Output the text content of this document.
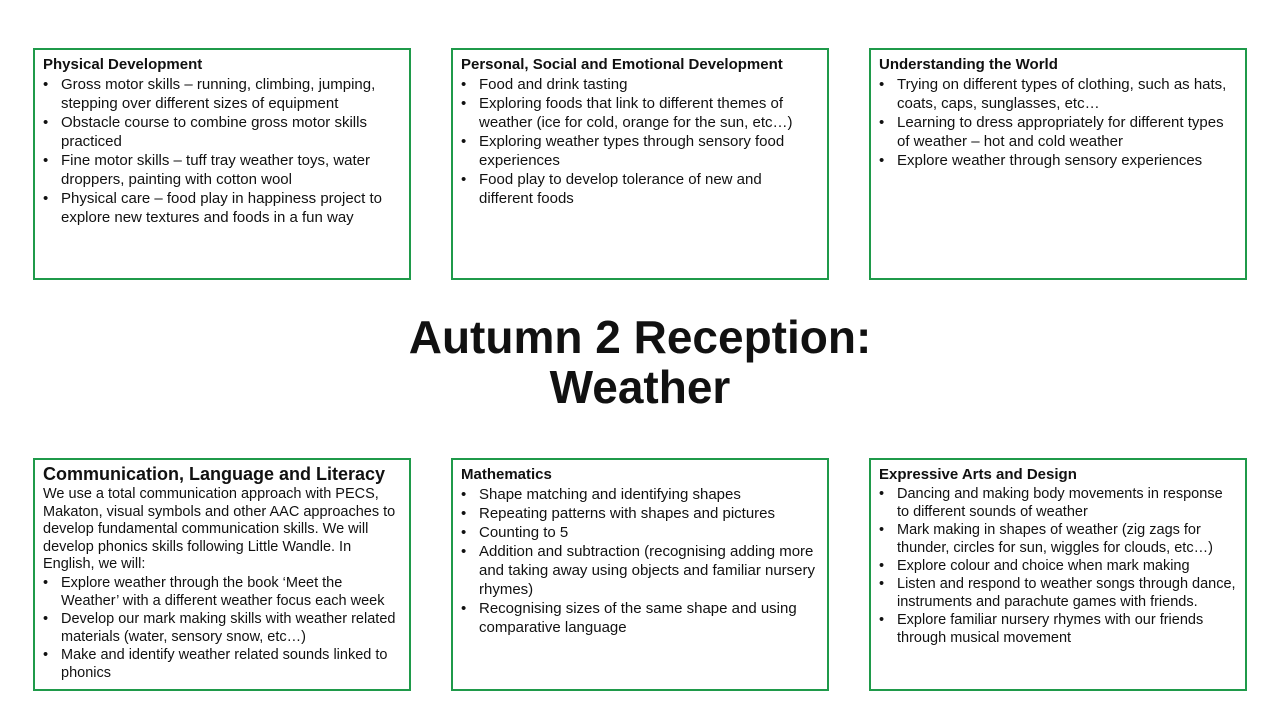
Physical Development
• Gross motor skills – running, climbing, jumping, stepping over different sizes of equipment
• Obstacle course to combine gross motor skills practiced
• Fine motor skills – tuff tray weather toys, water droppers, painting with cotton wool
• Physical care – food play in happiness project to explore new textures and foods in a fun way
Personal, Social and Emotional Development
• Food and drink tasting
• Exploring foods that link to different themes of weather (ice for cold, orange for the sun, etc…)
• Exploring weather types through sensory food experiences
• Food play to develop tolerance of new and different foods
Understanding the World
• Trying on different types of clothing, such as hats, coats, caps, sunglasses, etc…
• Learning to dress appropriately for different types of weather – hot and cold weather
• Explore weather through sensory experiences
Autumn 2 Reception:
Weather
Communication, Language and Literacy

We use a total communication approach with PECS, Makaton, visual symbols and other AAC approaches to develop fundamental communication skills. We will develop phonics skills following Little Wandle. In English, we will:

• Explore weather through the book ‘Meet the Weather’ with a different weather focus each week
• Develop our mark making skills with weather related materials (water, sensory snow, etc…)
• Make and identify weather related sounds linked to phonics
Mathematics
• Shape matching and identifying shapes
• Repeating patterns with shapes and pictures
• Counting to 5
• Addition and subtraction (recognising adding more and taking away using objects and familiar nursery rhymes)
• Recognising sizes of the same shape and using comparative language
Expressive Arts and Design
• Dancing and making body movements in response to different sounds of weather
• Mark making in shapes of weather (zig zags for thunder, circles for sun, wiggles for clouds, etc…)
• Explore colour and choice when mark making
• Listen and respond to weather songs through dance, instruments and parachute games with friends.
• Explore familiar nursery rhymes with our friends through musical movement
